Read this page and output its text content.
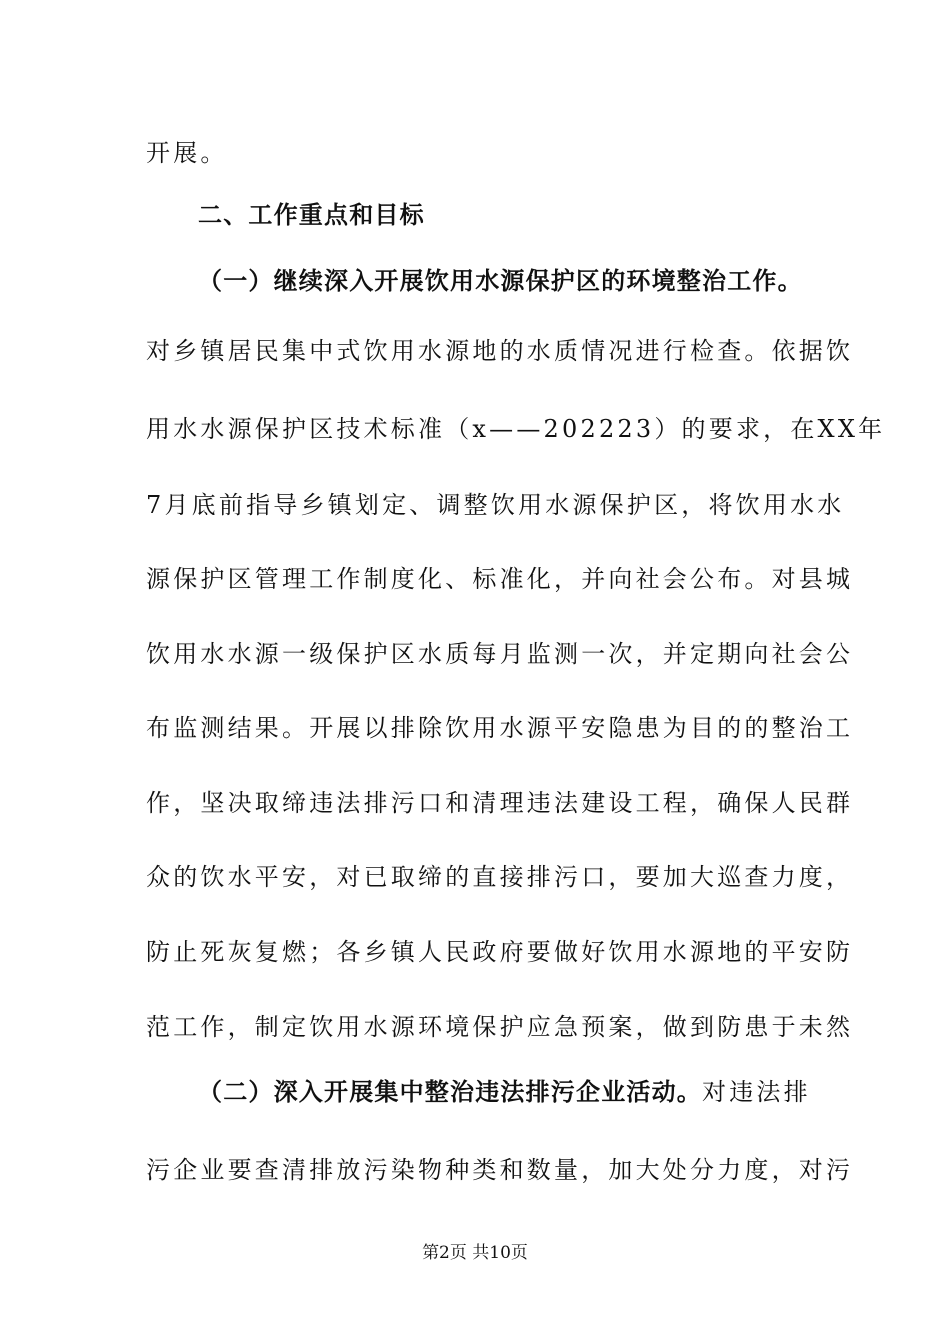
开展。
二、工作重点和目标
（一）继续深入开展饮用水源保护区的环境整治工作。
对乡镇居民集中式饮用水源地的水质情况进行检查。依据饮
用水水源保护区技术标准（x——202223）的要求，在XX年
7月底前指导乡镇划定、调整饮用水源保护区，将饮用水水
源保护区管理工作制度化、标准化，并向社会公布。对县城
饮用水水源一级保护区水质每月监测一次，并定期向社会公
布监测结果。开展以排除饮用水源平安隐患为目的的整治工
作，坚决取缔违法排污口和清理违法建设工程，确保人民群
众的饮水平安，对已取缔的直接排污口，要加大巡查力度，
防止死灰复燃；各乡镇人民政府要做好饮用水源地的平安防
范工作，制定饮用水源环境保护应急预案，做到防患于未然
（二）深入开展集中整治违法排污企业活动。对违法排
污企业要查清排放污染物种类和数量，加大处分力度，对污
第2页 共10页
